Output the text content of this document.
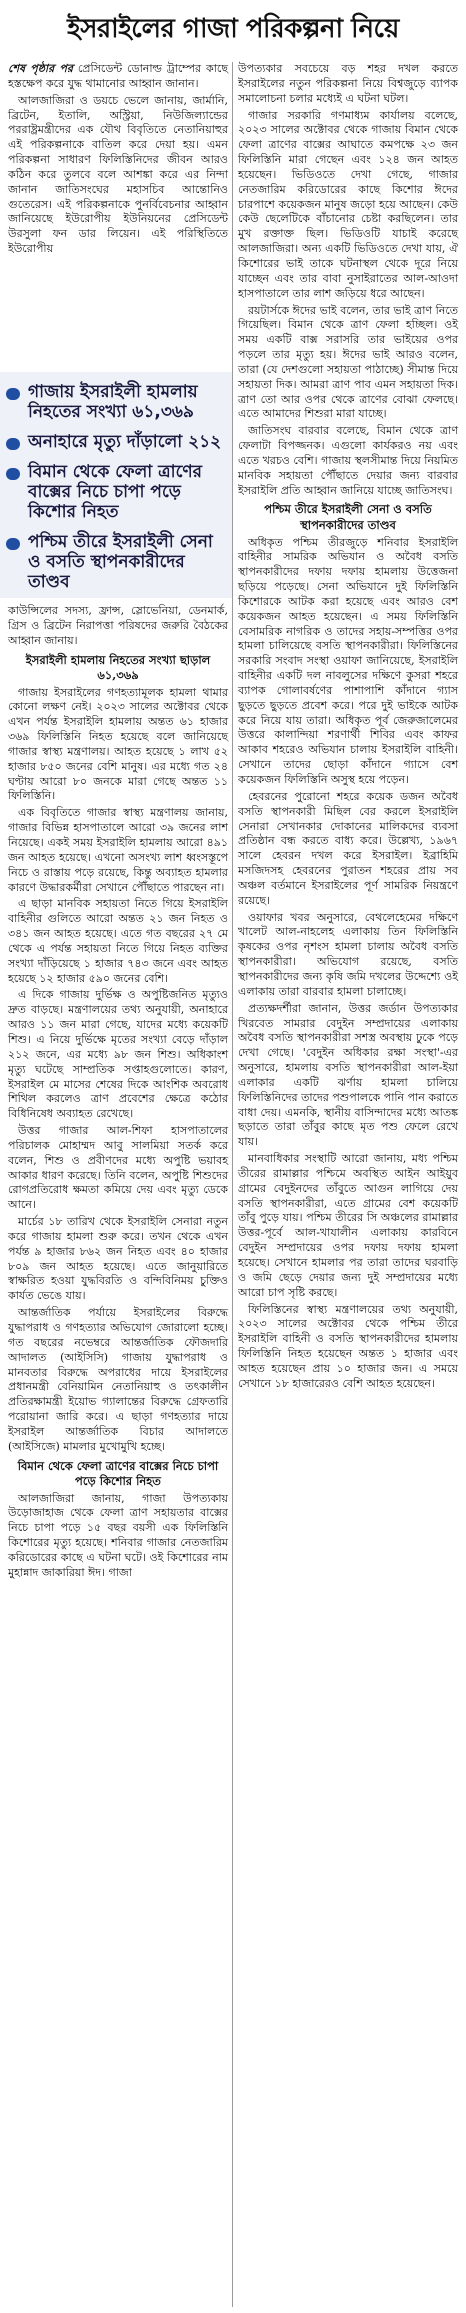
ইসরাইলের গাজা পরিকল্পনা নিয়ে

শেষ পৃষ্ঠার পর প্রেসিডেন্ট ডোনাল্ড ট্রাম্পের কাছে হস্তক্ষেপ করে যুদ্ধ থামানোর আহ্বান জানান।

আলজাজিরা ও ডয়চে ভেলে জানায়, জার্মানি, ব্রিটেন, ইতালি, অস্ট্রিয়া, নিউজিল্যান্ডের পররাষ্ট্রমন্ত্রীদের এক যৌথ বিবৃতিতে নেতানিয়াহুর এই পরিকল্পনাকে বাতিল করে দেয়া হয়। এমন পরিকল্পনা সাধারণ ফিলিস্তিনিদের জীবন আরও কঠিন করে তুলবে বলে আশঙ্কা করে এর নিন্দা জানান জাতিসংঘের মহাসচিব আন্তোনিও গুতেরেস। এই পরিকল্পনাকে পুনর্বিবেচনার আহ্বান জানিয়েছে ইউরোপীয় ইউনিয়নের প্রেসিডেন্ট উরসুলা ফন ডার লিয়েন। এই পরিস্থিতিতে ইউরোপীয়

গাজায় ইসরাইলী হামলায় নিহতের সংখ্যা ৬১,৩৬৯
অনাহারে মৃত্যু দাঁড়ালো ২১২
বিমান থেকে ফেলা ত্রাণের বাক্সের নিচে চাপা পড়ে কিশোর নিহত
পশ্চিম তীরে ইসরাইলী সেনা ও বসতি স্থাপনকারীদের তাণ্ডব

কাউন্সিলের সদস্য, ফ্রান্স, স্লোভেনিয়া, ডেনমার্ক, গ্রিস ও ব্রিটেন নিরাপত্তা পরিষদের জরুরি বৈঠকের আহ্বান জানায়।

ইসরাইলী হামলায় নিহতের সংখ্যা ছাড়াল ৬১,৩৬৯

গাজায় ইসরাইলের গণহত্যামূলক হামলা থামার কোনো লক্ষণ নেই। ২০২৩ সালের অক্টোবর থেকে এখন পর্যন্ত ইসরাইলি হামলায় অন্তত ৬১ হাজার ৩৬৯ ফিলিস্তিনি নিহত হয়েছে বলে জানিয়েছে গাজার স্বাস্থ্য মন্ত্রণালয়। আহত হয়েছে ১ লাখ ৫২ হাজার ৮৫০ জনের বেশি মানুষ। এর মধ্যে গত ২৪ ঘণ্টায় আরো ৮০ জনকে মারা গেছে অন্তত ১১ ফিলিস্তিনি।

এক বিবৃতিতে গাজার স্বাস্থ্য মন্ত্রণালয় জানায়, গাজার বিভিন্ন হাসপাতালে আরো ৩৯ জনের লাশ নিয়েছে। একই সময় ইসরাইলি হামলায় আরো ৪৯১ জন আহত হয়েছে। এখনো অসংখ্য লাশ ধ্বংসস্তূপে নিচে ও রাস্তায় পড়ে রয়েছে, কিন্তু অব্যাহত হামলার কারণে উদ্ধারকর্মীরা সেখানে পৌঁছাতে পারছেন না।

এ ছাড়া মানবিক সহায়তা নিতে গিয়ে ইসরাইলি বাহিনীর গুলিতে আরো অন্তত ২১ জন নিহত ও ৩৪১ জন আহত হয়েছে। এতে গত বছরের ২৭ মে থেকে এ পর্যন্ত সহায়তা নিতে গিয়ে নিহত ব্যক্তির সংখ্যা দাঁড়িয়েছে ১ হাজার ৭৪৩ জনে এবং আহত হয়েছে ১২ হাজার ৫৯০ জনের বেশি।

এ দিকে গাজায় দুর্ভিক্ষ ও অপুষ্টিজনিত মৃত্যুও দ্রুত বাড়ছে। মন্ত্রণালয়ের তথ্য অনুযায়ী, অনাহারে আরও ১১ জন মারা গেছে, যাদের মধ্যে কয়েকটি শিশু। এ নিয়ে দুর্ভিক্ষে মৃতের সংখ্যা বেড়ে দাঁড়াল ২১২ জনে, এর মধ্যে ৯৮ জন শিশু। অধিকাংশ মৃত্যু ঘটেছে সাম্প্রতিক সপ্তাহগুলোতে। কারণ, ইসরাইল মে মাসের শেষের দিকে আংশিক অবরোধ শিথিল করলেও ত্রাণ প্রবেশের ক্ষেত্রে কঠোর বিধিনিষেধ অব্যাহত রেখেছে।

উত্তর গাজার আল-শিফা হাসপাতালের পরিচালক মোহাম্মদ আবু সালমিয়া সতর্ক করে বলেন, শিশু ও প্রবীণদের মধ্যে অপুষ্টি ভয়াবহ আকার ধারণ করেছে। তিনি বলেন, অপুষ্টি শিশুদের রোগপ্রতিরোধ ক্ষমতা কমিয়ে দেয় এবং মৃত্যু ডেকে আনে।

মার্চের ১৮ তারিখ থেকে ইসরাইলি সেনারা নতুন করে গাজায় হামলা শুরু করে। তখন থেকে এখন পর্যন্ত ৯ হাজার ৮৬২ জন নিহত এবং ৪০ হাজার ৮০৯ জন আহত হয়েছে। এতে জানুয়ারিতে স্বাক্ষরিত হওয়া যুদ্ধবিরতি ও বন্দিবিনিময় চুক্তিও কার্যত ভেঙে যায়।

আন্তর্জাতিক পর্যায়ে ইসরাইলের বিরুদ্ধে যুদ্ধাপরাধ ও গণহত্যার অভিযোগ জোরালো হচ্ছে। গত বছরের নভেম্বরে আন্তর্জাতিক ফৌজদারি আদালত (আইসিসি) গাজায় যুদ্ধাপরাধ ও মানবতার বিরুদ্ধে অপরাধের দায়ে ইসরাইলের প্রধানমন্ত্রী বেনিয়ামিন নেতানিয়াহু ও তৎকালীন প্রতিরক্ষামন্ত্রী ইয়োভ গ্যালান্তের বিরুদ্ধে গ্রেফতারি পরোয়ানা জারি করে। এ ছাড়া গণহত্যার দায়ে ইসরাইল আন্তর্জাতিক বিচার আদালতে (আইসিজে) মামলার মুখোমুখি হচ্ছে।

বিমান থেকে ফেলা ত্রাণের বাক্সের নিচে চাপা পড়ে কিশোর নিহত

আলজাজিরা জানায়, গাজা উপত্যকায় উড়োজাহাজ থেকে ফেলা ত্রাণ সহায়তার বাক্সের নিচে চাপা পড়ে ১৫ বছর বয়সী এক ফিলিস্তিনি কিশোরের মৃত্যু হয়েছে। শনিবার গাজার নেতজারিম করিডোরের কাছে এ ঘটনা ঘটে। ওই কিশোরের নাম মুহান্নাদ জাকারিয়া ঈদ। গাজা

উপত্যকার সবচেয়ে বড় শহর দখল করতে ইসরাইলের নতুন পরিকল্পনা নিয়ে বিশ্বজুড়ে ব্যাপক সমালোচনা চলার মধ্যেই এ ঘটনা ঘটল।

গাজার সরকারি গণমাধ্যম কার্যালয় বলেছে, ২০২৩ সালের অক্টোবর থেকে গাজায় বিমান থেকে ফেলা ত্রাণের বাক্সের আঘাতে কমপক্ষে ২৩ জন ফিলিস্তিনি মারা গেছেন এবং ১২৪ জন আহত হয়েছেন। ভিডিওতে দেখা গেছে, গাজার নেতজারিম করিডোরের কাছে কিশোর ঈদের চারপাশে কয়েকজন মানুষ জড়ো হয়ে আছেন। কেউ কেউ ছেলেটিকে বাঁচানোর চেষ্টা করছিলেন। তার মুখ রক্তাক্ত ছিল। ভিডিওটি যাচাই করেছে আলজাজিরা। অন্য একটি ভিডিওতে দেখা যায়, ঐ কিশোরের ভাই তাকে ঘটনাস্থল থেকে দূরে নিয়ে যাচ্ছেন এবং তার বাবা নুসাইরাতের আল-আওদা হাসপাতালে তার লাশ জড়িয়ে ধরে আছেন।

রয়টার্সকে ঈদের ভাই বলেন, তার ভাই ত্রাণ নিতে গিয়েছিল। বিমান থেকে ত্রাণ ফেলা হচ্ছিল। ওই সময় একটি বাক্স সরাসরি তার ভাইয়ের ওপর পড়লে তার মৃত্যু হয়। ঈদের ভাই আরও বলেন, তারা (যে দেশগুলো সহায়তা পাঠাচ্ছে) সীমান্ত দিয়ে সহায়তা দিক। আমরা ত্রাণ পাব এমন সহায়তা দিক। ত্রাণ তো আর ওপর থেকে ত্রাণের বোঝা ফেলছে। এতে আমাদের শিশুরা মারা যাচ্ছে।

জাতিসংঘ বারবার বলেছে, বিমান থেকে ত্রাণ ফেলাটা বিপজ্জনক। এগুলো কার্যকরও নয় এবং এতে খরচও বেশি। গাজায় স্থলসীমান্ত দিয়ে নিয়মিত মানবিক সহায়তা পৌঁছাতে দেয়ার জন্য বারবার ইসরাইলি প্রতি আহ্বান জানিয়ে যাচ্ছে জাতিসংঘ।

পশ্চিম তীরে ইসরাইলী সেনা ও বসতি স্থাপনকারীদের তাণ্ডব

অধিকৃত পশ্চিম তীরজুড়ে শনিবার ইসরাইলি বাহিনীর সামরিক অভিযান ও অবৈধ বসতি স্থাপনকারীদের দফায় দফায় হামলায় উত্তেজনা ছড়িয়ে পড়েছে। সেনা অভিযানে দুই ফিলিস্তিনি কিশোরকে আটক করা হয়েছে এবং আরও বেশ কয়েকজন আহত হয়েছেন। এ সময় ফিলিস্তিনি বেসামরিক নাগরিক ও তাদের সহায়-সম্পত্তির ওপর হামলা চালিয়েছে বসতি স্থাপনকারীরা। ফিলিস্তিনের সরকারি সংবাদ সংস্থা ওয়াফা জানিয়েছে, ইসরাইলি বাহিনীর একটি দল নাবলুসের দক্ষিণে কুসরা শহরে ব্যাপক গোলাবর্ষণের পাশাপাশি কাঁদানে গ্যাস ছুড়তে ছুড়তে প্রবেশ করে। পরে দুই ভাইকে আটক করে নিয়ে যায় তারা। অধিকৃত পূর্ব জেরুজালেমের উত্তরে কালান্দিয়া শরণার্থী শিবির এবং কাফর আকাব শহরেও অভিযান চালায় ইসরাইলি বাহিনী। সেখানে তাদের ছোড়া কাঁদানে গ্যাসে বেশ কয়েকজন ফিলিস্তিনি অসুস্থ হয়ে পড়েন।

হেবরনের পুরোনো শহরে কয়েক ডজন অবৈধ বসতি স্থাপনকারী মিছিল বের করলে ইসরাইলি সেনারা সেখানকার দোকানের মালিকদের ব্যবসা প্রতিষ্ঠান বন্ধ করতে বাধ্য করে। উল্লেখ্য, ১৯৬৭ সালে হেবরন দখল করে ইসরাইল। ইব্রাহিমি মসজিদসহ হেবরনের পুরাতন শহরের প্রায় সব অঞ্চল বর্তমানে ইসরাইলের পূর্ণ সামরিক নিয়ন্ত্রণে রয়েছে।

ওয়াফার খবর অনুসারে, বেথলেহেমের দক্ষিণে খালেট আল-নাহলেহ এলাকায় তিন ফিলিস্তিনি কৃষকের ওপর নৃশংস হামলা চালায় অবৈধ বসতি স্থাপনকারীরা। অভিযোগ রয়েছে, বসতি স্থাপনকারীদের জন্য কৃষি জমি দখলের উদ্দেশ্যে ওই এলাকায় তারা বারবার হামলা চালাচ্ছে।

প্রত্যক্ষদর্শীরা জানান, উত্তর জর্ডান উপত্যকার খিরবেত সামরার বেদুইন সম্প্রদায়ের এলাকায় অবৈধ বসতি স্থাপনকারীরা সশস্ত্র অবস্থায় ঢুকে পড়ে দেখা গেছে। 'বেদুইন অধিকার রক্ষা সংস্থা'-এর অনুসারে, হামলায় বসতি স্থাপনকারীরা আল-ইয়া এলাকার একটি ঝর্ণায় হামলা চালিয়ে ফিলিস্তিনিদের তাদের পশুপালকে পানি পান করাতে বাধা দেয়। এমনকি, স্থানীয় বাসিন্দাদের মধ্যে আতঙ্ক ছড়াতে তারা তাঁবুর কাছে মৃত পশু ফেলে রেখে যায়।

মানবাধিকার সংস্থাটি আরো জানায়, মধ্য পশ্চিম তীরের রামাল্লার পশ্চিমে অবস্থিত আইন আইয়ুব গ্রামের বেদুইনদের তাঁবুতে আগুন লাগিয়ে দেয় বসতি স্থাপনকারীরা, এতে গ্রামের বেশ কয়েকটি তাঁবু পুড়ে যায়। পশ্চিম তীরের সি অঞ্চলের রামাল্লার উত্তর-পূর্বে আল-খাযালীন এলাকায় কারবিনে বেদুইন সম্প্রদায়ের ওপর দফায় দফায় হামলা হয়েছে। সেখানে হামলার পর তারা তাদের ঘরবাড়ি ও জমি ছেড়ে দেয়ার জন্য দুই সম্প্রদায়ের মধ্যে আরো চাপ সৃষ্টি করছে।

ফিলিস্তিনের স্বাস্থ্য মন্ত্রণালয়ের তথ্য অনুযায়ী, ২০২৩ সালের অক্টোবর থেকে পশ্চিম তীরে ইসরাইলি বাহিনী ও বসতি স্থাপনকারীদের হামলায় ফিলিস্তিনি নিহত হয়েছেন অন্তত ১ হাজার এবং আহত হয়েছেন প্রায় ১০ হাজার জন। এ সময়ে সেখানে ১৮ হাজারেরও বেশি আহত হয়েছেন।
